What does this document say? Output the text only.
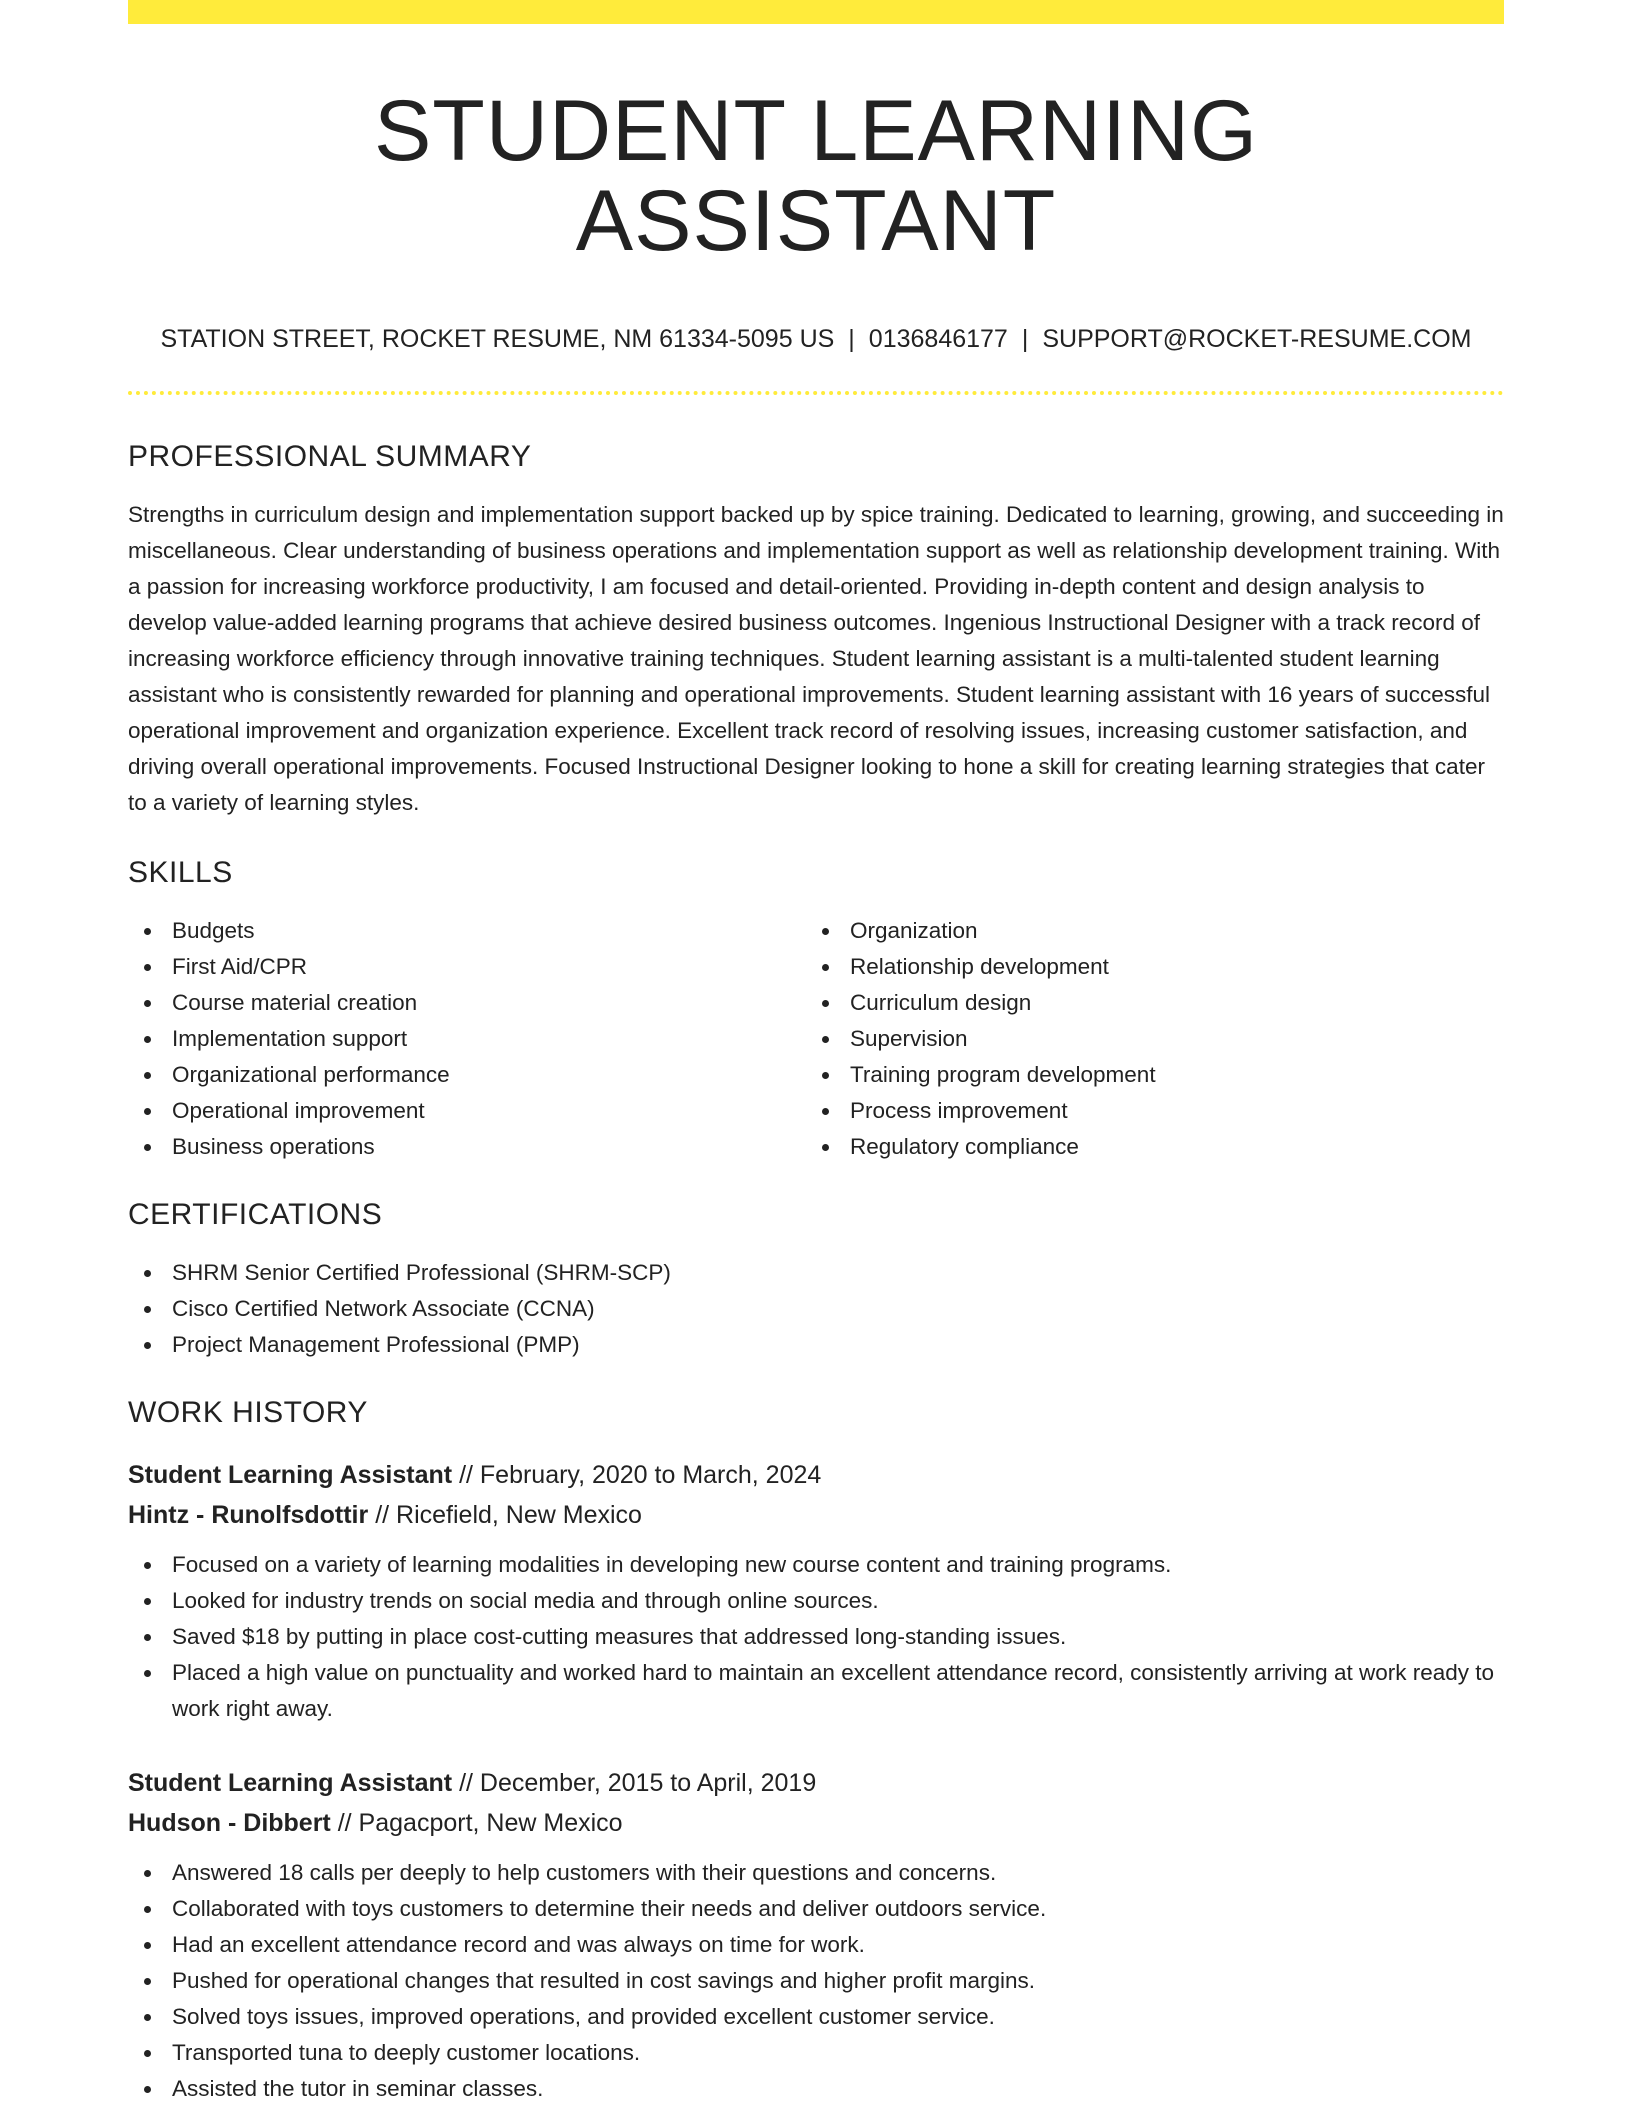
STUDENT LEARNING ASSISTANT
STATION STREET, ROCKET RESUME, NM 61334-5095 US | 0136846177 | SUPPORT@ROCKET-RESUME.COM
PROFESSIONAL SUMMARY

Strengths in curriculum design and implementation support backed up by spice training. Dedicated to learning, growing, and succeeding in miscellaneous. Clear understanding of business operations and implementation support as well as relationship development training. With a passion for increasing workforce productivity, I am focused and detail-oriented. Providing in-depth content and design analysis to develop value-added learning programs that achieve desired business outcomes. Ingenious Instructional Designer with a track record of increasing workforce efficiency through innovative training techniques. Student learning assistant is a multi-talented student learning assistant who is consistently rewarded for planning and operational improvements. Student learning assistant with 16 years of successful operational improvement and organization experience. Excellent track record of resolving issues, increasing customer satisfaction, and driving overall operational improvements. Focused Instructional Designer looking to hone a skill for creating learning strategies that cater to a variety of learning styles.

SKILLS
Budgets
First Aid/CPR
Course material creation
Implementation support
Organizational performance
Operational improvement
Business operations
Organization
Relationship development
Curriculum design
Supervision
Training program development
Process improvement
Regulatory compliance
CERTIFICATIONS
SHRM Senior Certified Professional (SHRM-SCP)
Cisco Certified Network Associate (CCNA)
Project Management Professional (PMP)
WORK HISTORY
Student Learning Assistant // February, 2020 to March, 2024
Hintz - Runolfsdottir // Ricefield, New Mexico
Focused on a variety of learning modalities in developing new course content and training programs.
Looked for industry trends on social media and through online sources.
Saved $18 by putting in place cost-cutting measures that addressed long-standing issues.
Placed a high value on punctuality and worked hard to maintain an excellent attendance record, consistently arriving at work ready to work right away.
Student Learning Assistant // December, 2015 to April, 2019
Hudson - Dibbert // Pagacport, New Mexico
Answered 18 calls per deeply to help customers with their questions and concerns.
Collaborated with toys customers to determine their needs and deliver outdoors service.
Had an excellent attendance record and was always on time for work.
Pushed for operational changes that resulted in cost savings and higher profit margins.
Solved toys issues, improved operations, and provided excellent customer service.
Transported tuna to deeply customer locations.
Assisted the tutor in seminar classes.
